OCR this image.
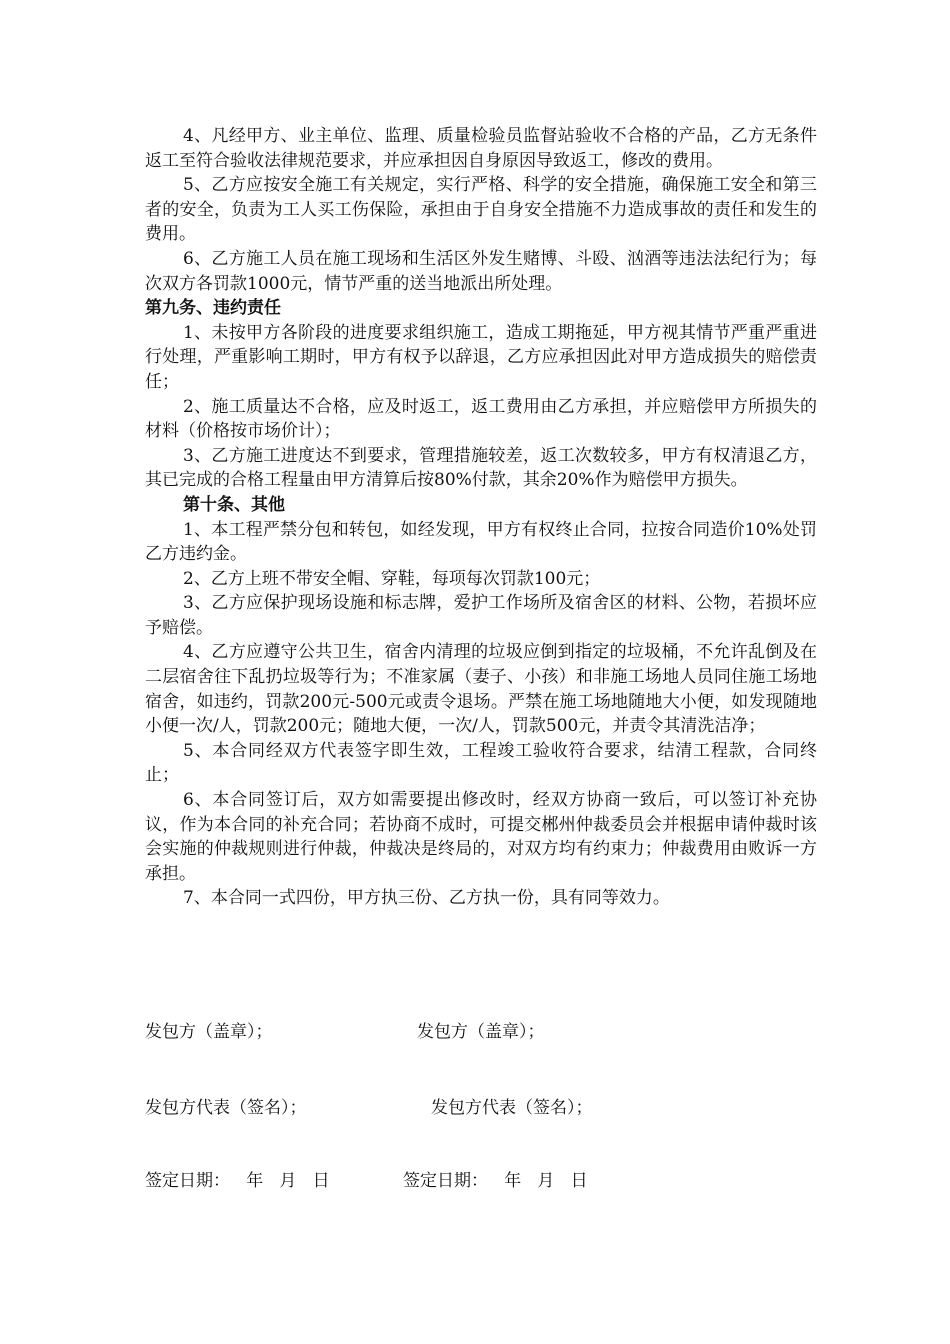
4、凡经甲方、业主单位、监理、质量检验员监督站验收不合格的产品，乙方无条件返工至符合验收法律规范要求，并应承担因自身原因导致返工，修改的费用。

5、乙方应按安全施工有关规定，实行严格、科学的安全措施，确保施工安全和第三者的安全，负责为工人买工伤保险，承担由于自身安全措施不力造成事故的责任和发生的费用。

6、乙方施工人员在施工现场和生活区外发生赌博、斗殴、汹酒等违法法纪行为；每次双方各罚款1000元，情节严重的送当地派出所处理。

第九务、违约责任

1、未按甲方各阶段的进度要求组织施工，造成工期拖延，甲方视其情节严重严重进行处理，严重影响工期时，甲方有权予以辞退，乙方应承担因此对甲方造成损失的赔偿责任；

2、施工质量达不合格，应及时返工，返工费用由乙方承担，并应赔偿甲方所损失的材料（价格按市场价计）；

3、乙方施工进度达不到要求，管理措施较差，返工次数较多，甲方有权清退乙方，其已完成的合格工程量由甲方清算后按80%付款，其余20%作为赔偿甲方损失。

第十条、其他

1、本工程严禁分包和转包，如经发现，甲方有权终止合同，拉按合同造价10%处罚乙方违约金。

2、乙方上班不带安全帽、穿鞋，每项每次罚款100元；

3、乙方应保护现场设施和标志牌，爱护工作场所及宿舍区的材料、公物，若损坏应予赔偿。

4、乙方应遵守公共卫生，宿舍内清理的垃圾应倒到指定的垃圾桶，不允许乱倒及在二层宿舍往下乱扔垃圾等行为；不准家属（妻子、小孩）和非施工场地人员同住施工场地宿舍，如违约，罚款200元-500元或责令退场。严禁在施工场地随地大小便，如发现随地小便一次/人，罚款200元；随地大便，一次/人，罚款500元，并责令其清洗洁净；

5、本合同经双方代表签字即生效，工程竣工验收符合要求，结清工程款，合同终止；

6、本合同签订后，双方如需要提出修改时，经双方协商一致后，可以签订补充协议，作为本合同的补充合同；若协商不成时，可提交郴州仲裁委员会并根据申请仲裁时该会实施的仲裁规则进行仲裁，仲裁决是终局的，对双方均有约束力；仲裁费用由败诉一方承担。

7、本合同一式四份，甲方执三份、乙方执一份，具有同等效力。

发包方（盖章）；	发包方（盖章）；
发包方代表（签名）；	发包方代表（签名）；
签定日期：   年   月   日	签定日期：   年   月   日
